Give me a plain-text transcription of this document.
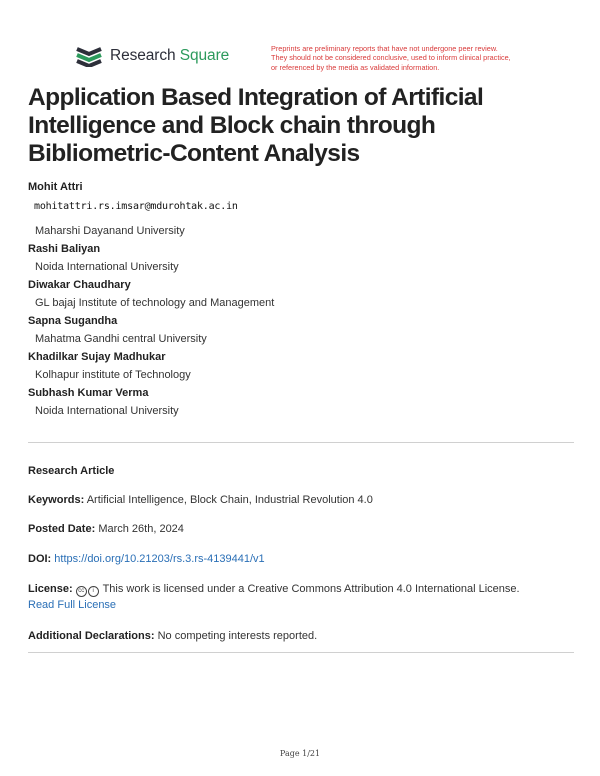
Research Square	Preprints are preliminary reports that have not undergone peer review.
They should not be considered conclusive, used to inform clinical practice,
or referenced by the media as validated information.
Application Based Integration of Artificial Intelligence and Block chain through Bibliometric-Content Analysis
Mohit Attri
mohitattri.rs.imsar@mdurohtak.ac.in
Maharshi Dayanand University
Rashi Baliyan
Noida International University
Diwakar Chaudhary
GL bajaj Institute of technology and Management
Sapna Sugandha
Mahatma Gandhi central University
Khadilkar Sujay Madhukar
Kolhapur institute of Technology
Subhash Kumar Verma
Noida International University
Research Article
Keywords: Artificial Intelligence, Block Chain, Industrial Revolution 4.0
Posted Date: March 26th, 2024
DOI: https://doi.org/10.21203/rs.3.rs-4139441/v1
License: cc i This work is licensed under a Creative Commons Attribution 4.0 International License.
Read Full License
Additional Declarations: No competing interests reported.
Page 1/21
